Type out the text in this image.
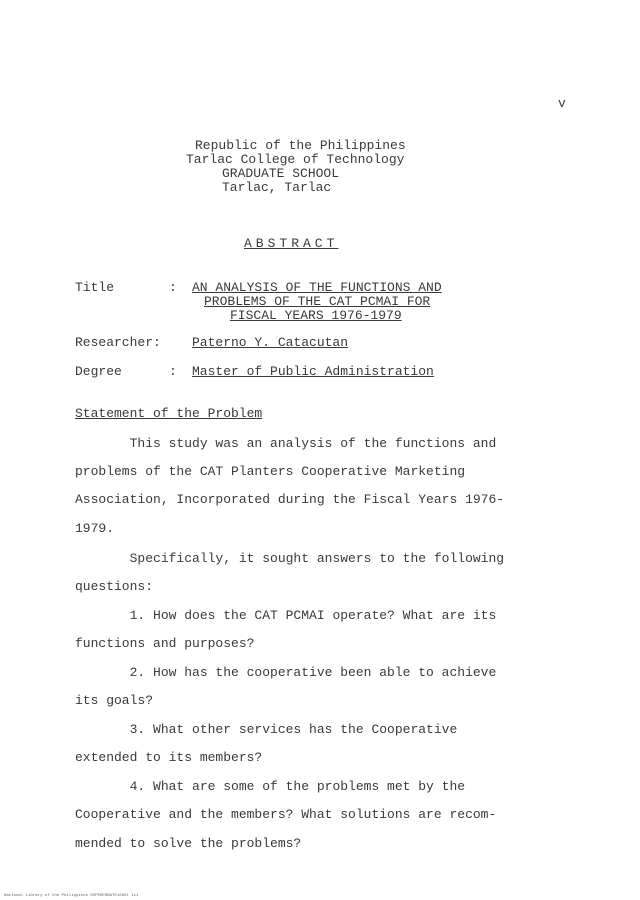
v
Republic of the Philippines
Tarlac College of Technology
GRADUATE SCHOOL
Tarlac, Tarlac
ABSTRACT
Title	: AN ANALYSIS OF THE FUNCTIONS AND
PROBLEMS OF THE CAT PCMAI FOR
FISCAL YEARS 1976-1979
Researcher: Paterno Y. Catacutan
Degree	: Master of Public Administration
Statement of the Problem
This study was an analysis of the functions and
problems of the CAT Planters Cooperative Marketing
Association, Incorporated during the Fiscal Years 1976-
1979.
Specifically, it sought answers to the following
questions:
1. How does the CAT PCMAI operate? What are its
functions and purposes?
2. How has the cooperative been able to achieve
its goals?
3. What other services has the Cooperative
extended to its members?
4. What are some of the problems met by the
Cooperative and the members? What solutions are recom-
mended to solve the problems?
National Library of the Philippines ROPERERBATE10801 iii
